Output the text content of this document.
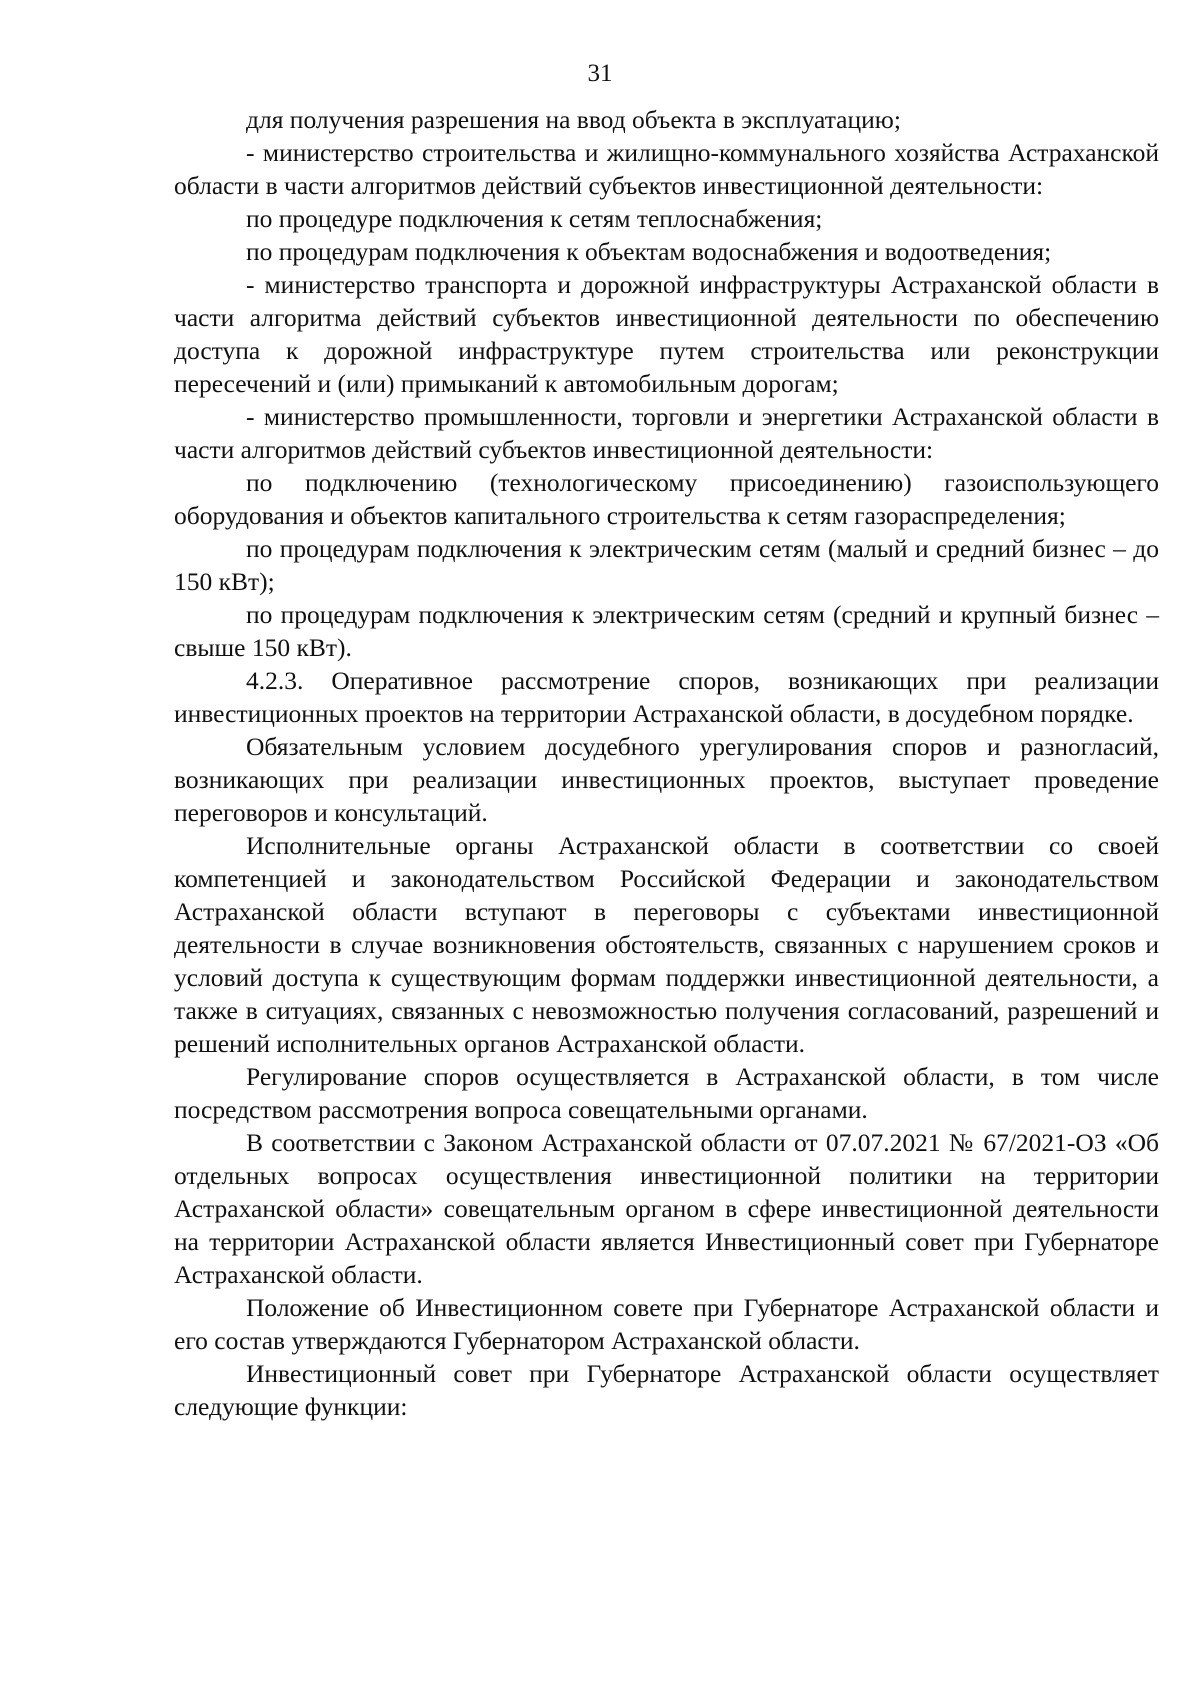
31

для получения разрешения на ввод объекта в эксплуатацию;

- министерство строительства и жилищно-коммунального хозяйства Астраханской области в части алгоритмов действий субъектов инвестиционной деятельности:

по процедуре подключения к сетям теплоснабжения;

по процедурам подключения к объектам водоснабжения и водоотведения;

- министерство транспорта и дорожной инфраструктуры Астраханской области в части алгоритма действий субъектов инвестиционной деятельности по обеспечению доступа к дорожной инфраструктуре путем строительства или реконструкции пересечений и (или) примыканий к автомобильным дорогам;

- министерство промышленности, торговли и энергетики Астраханской области в части алгоритмов действий субъектов инвестиционной деятельности:

по подключению (технологическому присоединению) газоиспользующего оборудования и объектов капитального строительства к сетям газораспределения;

по процедурам подключения к электрическим сетям (малый и средний бизнес – до 150 кВт);

по процедурам подключения к электрическим сетям (средний и крупный бизнес – свыше 150 кВт).

4.2.3. Оперативное рассмотрение споров, возникающих при реализации инвестиционных проектов на территории Астраханской области, в досудебном порядке.

Обязательным условием досудебного урегулирования споров и разногласий, возникающих при реализации инвестиционных проектов, выступает проведение переговоров и консультаций.

Исполнительные органы Астраханской области в соответствии со своей компетенцией и законодательством Российской Федерации и законодательством Астраханской области вступают в переговоры с субъектами инвестиционной деятельности в случае возникновения обстоятельств, связанных с нарушением сроков и условий доступа к существующим формам поддержки инвестиционной деятельности, а также в ситуациях, связанных с невозможностью получения согласований, разрешений и решений исполнительных органов Астраханской области.

Регулирование споров осуществляется в Астраханской области, в том числе посредством рассмотрения вопроса совещательными органами.

В соответствии с Законом Астраханской области от 07.07.2021 № 67/2021-ОЗ «Об отдельных вопросах осуществления инвестиционной политики на территории Астраханской области» совещательным органом в сфере инвестиционной деятельности на территории Астраханской области является Инвестиционный совет при Губернаторе Астраханской области.

Положение об Инвестиционном совете при Губернаторе Астраханской области и его состав утверждаются Губернатором Астраханской области.

Инвестиционный совет при Губернаторе Астраханской области осуществляет следующие функции:
